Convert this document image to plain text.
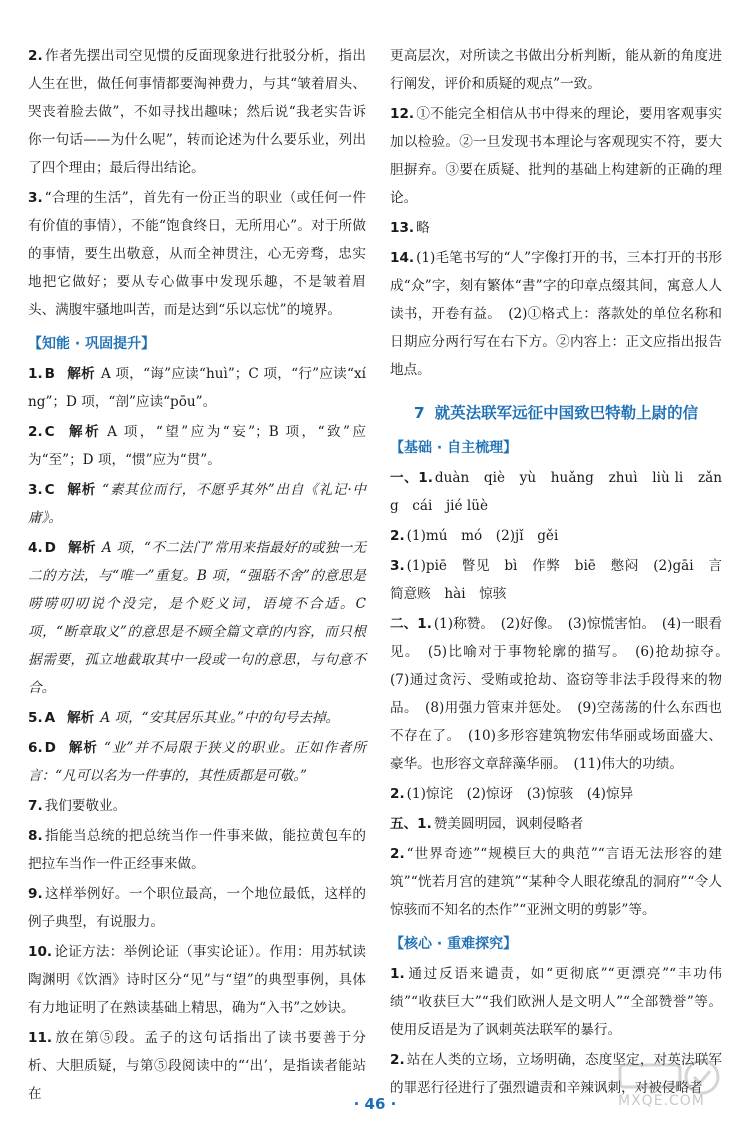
2. 作者先摆出司空见惯的反面现象进行批驳分析，指出人生在世，做任何事情都要淘神费力，与其“皱着眉头、哭丧着脸去做”，不如寻找出趣味；然后说“我老实告诉你一句话——为什么呢”，转而论述为什么要乐业，列出了四个理由；最后得出结论。
3. “合理的生活”，首先有一份正当的职业（或任何一件有价值的事情），不能“饱食终日，无所用心”。对于所做的事情，要生出敬意，从而全神贯注，心无旁骛，忠实地把它做好；要从专心做事中发现乐趣，不是皱着眉头、满腹牢骚地叫苦，而是达到“乐以忘忧”的境界。
【知能 · 巩固提升】
1. B 解析 A 项，“诲”应读“huì”；C 项，“行”应读“xíng”；D 项，“剖”应读“pōu”。
2. C 解析 A 项，“望”应为“妄”；B 项，“致”应为“至”；D 项，“惯”应为“贯”。
3. C 解析 “素其位而行，不愿乎其外”出自《礼记·中庸》。
4. D 解析 A 项，“不二法门”常用来指最好的或独一无二的方法，与“唯一”重复。B 项，“强聒不舍”的意思是唠唠叨叨说个没完，是个贬义词，语境不合适。C 项，“断章取义”的意思是不顾全篇文章的内容，而只根据需要，孤立地截取其中一段或一句的意思，与句意不合。
5. A 解析 A 项，“安其居乐其业。”中的句号去掉。
6. D 解析 “业”并不局限于狭义的职业。正如作者所言：“凡可以名为一件事的，其性质都是可敬。”
7. 我们要敬业。
8. 指能当总统的把总统当作一件事来做，能拉黄包车的把拉车当作一件正经事来做。
9. 这样举例好。一个职位最高，一个地位最低，这样的例子典型，有说服力。
10. 论证方法：举例论证（事实论证）。作用：用苏轼读陶渊明《饮酒》诗时区分“见”与“望”的典型事例，具体有力地证明了在熟读基础上精思，确为“入书”之妙诀。
11. 放在第⑤段。孟子的这句话指出了读书要善于分析、大胆质疑，与第⑤段阅读中的“‘出’，是指读者能站在
更高层次，对所读之书做出分析判断，能从新的角度进行阐发，评价和质疑的观点”一致。
12. ①不能完全相信从书中得来的理论，要用客观事实加以检验。②一旦发现书本理论与客观现实不符，要大胆摒弃。③要在质疑、批判的基础上构建新的正确的理论。
13. 略
14. (1)毛笔书写的“人”字像打开的书，三本打开的书形成“众”字，刻有繁体“書”字的印章点缀其间，寓意人人读书，开卷有益。　(2)①格式上：落款处的单位名称和日期应分两行写在右下方。②内容上：正文应指出报告地点。
7 就英法联军远征中国致巴特勒上尉的信
【基础 · 自主梳理】
一、1. duàn　qiè　yù　huǎng　zhuì　liù li　zǎng　cái　jié lüè
2. (1)mú　mó　(2)jǐ　gěi
3. (1)piē　瞥见　bì　作弊　biē　憋闷　(2)gāi　言简意赅　hài　惊骇
二、1. (1)称赞。　(2)好像。　(3)惊慌害怕。　(4)一眼看见。　(5)比喻对于事物轮廓的描写。　(6)抢劫掠夺。　(7)通过贪污、受贿或抢劫、盗窃等非法手段得来的物品。　(8)用强力管束并惩处。　(9)空荡荡的什么东西也不存在了。　(10)多形容建筑物宏伟华丽或场面盛大、豪华。也形容文章辞藻华丽。　(11)伟大的功绩。
2. (1)惊诧　(2)惊讶　(3)惊骇　(4)惊异
五、1. 赞美圆明园，讽刺侵略者
2. “世界奇迹”“规模巨大的典范”“言语无法形容的建筑”“恍若月宫的建筑”“某种令人眼花缭乱的洞府”“令人惊骇而不知名的杰作”“亚洲文明的剪影”等。
【核心 · 重难探究】
1. 通过反语来谴责，如“更彻底”“更漂亮”“丰功伟绩”“收获巨大”“我们欧洲人是文明人”“全部赞誉”等。使用反语是为了讽刺英法联军的暴行。
2. 站在人类的立场，立场明确，态度坚定，对英法联军的罪恶行径进行了强烈谴责和辛辣讽刺，对被侵略者
· 46 ·	MXQE.COM
